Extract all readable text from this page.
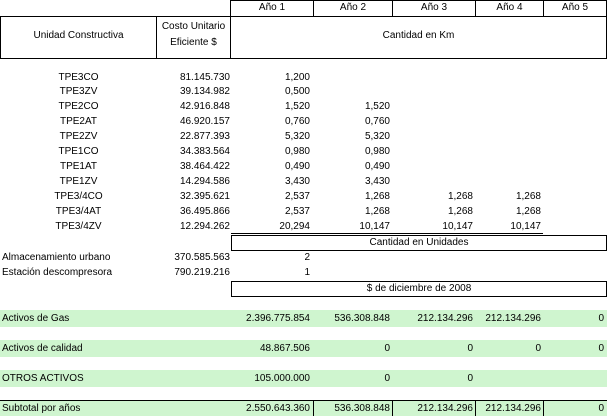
Año 1	Año 2	Año 3	Año 4	Año 5
Unidad Constructiva
Costo Unitario
Eficiente $
Cantidad en Km
TPE3CO	81.145.730	1,200
TPE3ZV	39.134.982	0,500
TPE2CO	42.916.848	1,520	1,520
TPE2AT	46.920.157	0,760	0,760
TPE2ZV	22.877.393	5,320	5,320
TPE1CO	34.383.564	0,980	0,980
TPE1AT	38.464.422	0,490	0,490
TPE1ZV	14.294.586	3,430	3,430
TPE3/4CO	32.395.621	2,537	1,268	1,268	1,268
TPE3/4AT	36.495.866	2,537	1,268	1,268	1,268
TPE3/4ZV	12.294.262	20,294	10,147	10,147	10,147
Cantidad en Unidades
Almacenamiento urbano	370.585.563	2
Estación descompresora	790.219.216	1
$ de diciembre de 2008
Activos de Gas	2.396.775.854	536.308.848	212.134.296	212.134.296	0
Activos de calidad	48.867.506	0	0	0	0
OTROS ACTIVOS	105.000.000	0	0
Subtotal por años	2.550.643.360	536.308.848	212.134.296	212.134.296	0
